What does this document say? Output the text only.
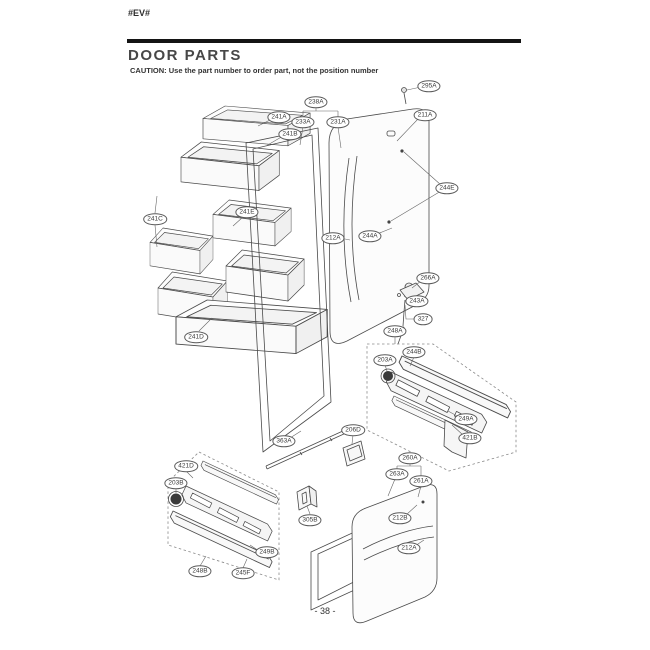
#EV#
DOOR PARTS
CAUTION: Use the part number to order part, not the position number
238A
233A	231A
241A
241B
295A
211A
244E
241C
241E
212A	244A
241D
266A
243A
327
248A
244B
203A
249A
421B
363A
206D
421D
203B
305B
249B
248B	245F
260A
263A
261A
212B
212A
- 38 -
